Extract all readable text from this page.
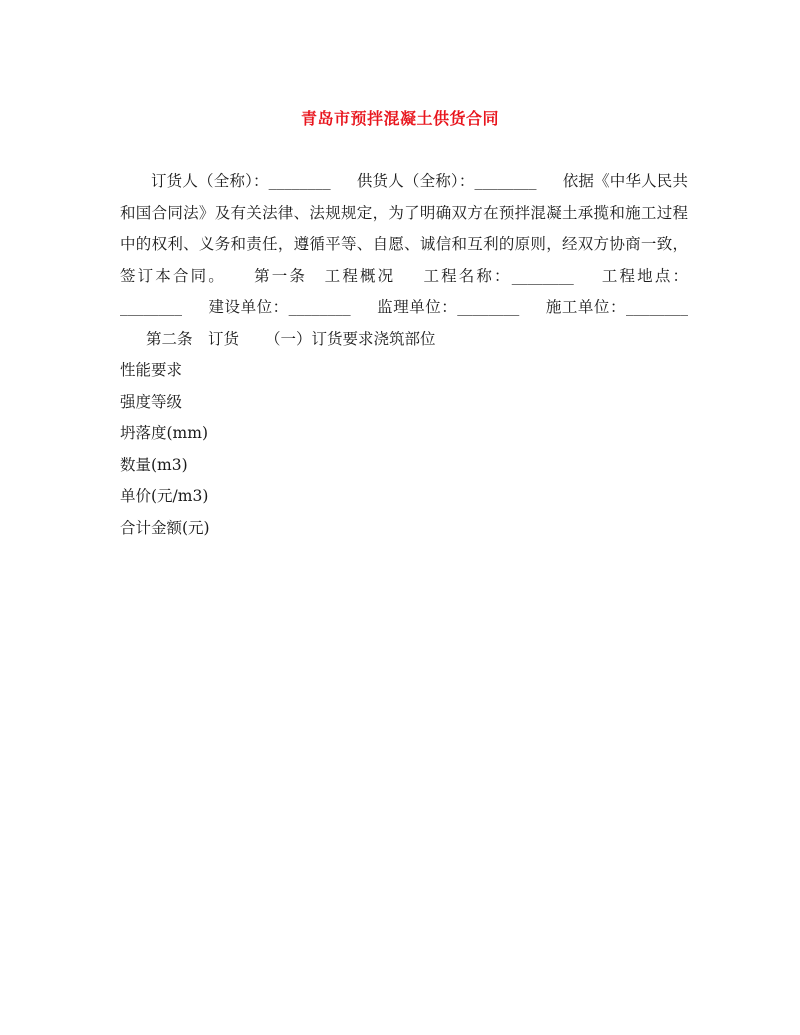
青岛市预拌混凝土供货合同

订货人（全称）：________ 供货人（全称）：________ 依据《中华人民共和国合同法》及有关法律、法规规定，为了明确双方在预拌混凝土承揽和施工过程中的权利、义务和责任，遵循平等、自愿、诚信和互利的原则，经双方协商一致，签订本合同。 第一条　工程概况 工程名称：________ 工程地点：________ 建设单位：________ 监理单位：________ 施工单位：________第二条　订货 （一）订货要求浇筑部位

性能要求

强度等级

坍落度(mm)

数量(m3)

单价(元/m3)

合计金额(元)
